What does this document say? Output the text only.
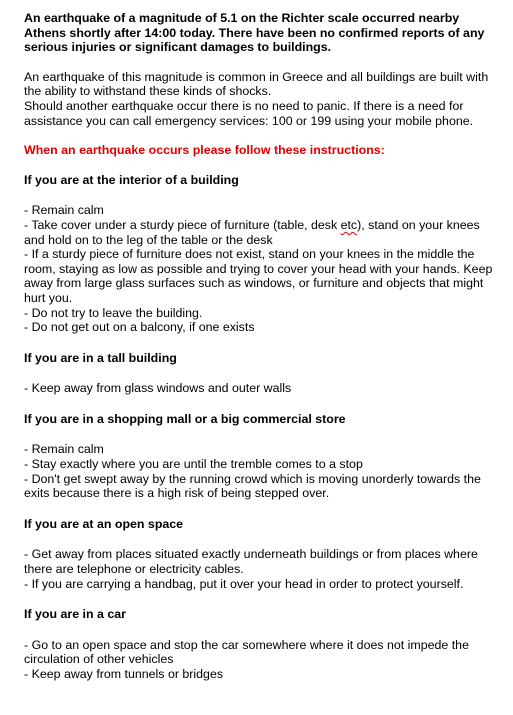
An earthquake of a magnitude of 5.1 on the Richter scale occurred nearby Athens shortly after 14:00 today. There have been no confirmed reports of any serious injuries or significant damages to buildings.

An earthquake of this magnitude is common in Greece and all buildings are built with the ability to withstand these kinds of shocks.

Should another earthquake occur there is no need to panic. If there is a need for assistance you can call emergency services: 100 or 199 using your mobile phone.

When an earthquake occurs please follow these instructions:

If you are at the interior of a building

- Remain calm
- Take cover under a sturdy piece of furniture (table, desk etc), stand on your knees and hold on to the leg of the table or the desk
- If a sturdy piece of furniture does not exist, stand on your knees in the middle the room, staying as low as possible and trying to cover your head with your hands. Keep away from large glass surfaces such as windows, or furniture and objects that might hurt you.
- Do not try to leave the building.
- Do not get out on a balcony, if one exists

If you are in a tall building

- Keep away from glass windows and outer walls

If you are in a shopping mall or a big commercial store

- Remain calm
- Stay exactly where you are until the tremble comes to a stop
- Don't get swept away by the running crowd which is moving unorderly towards the exits because there is a high risk of being stepped over.

If you are at an open space

- Get away from places situated exactly underneath buildings or from places where there are telephone or electricity cables.
- If you are carrying a handbag, put it over your head in order to protect yourself.

If you are in a car

- Go to an open space and stop the car somewhere where it does not impede the circulation of other vehicles
- Keep away from tunnels or bridges
